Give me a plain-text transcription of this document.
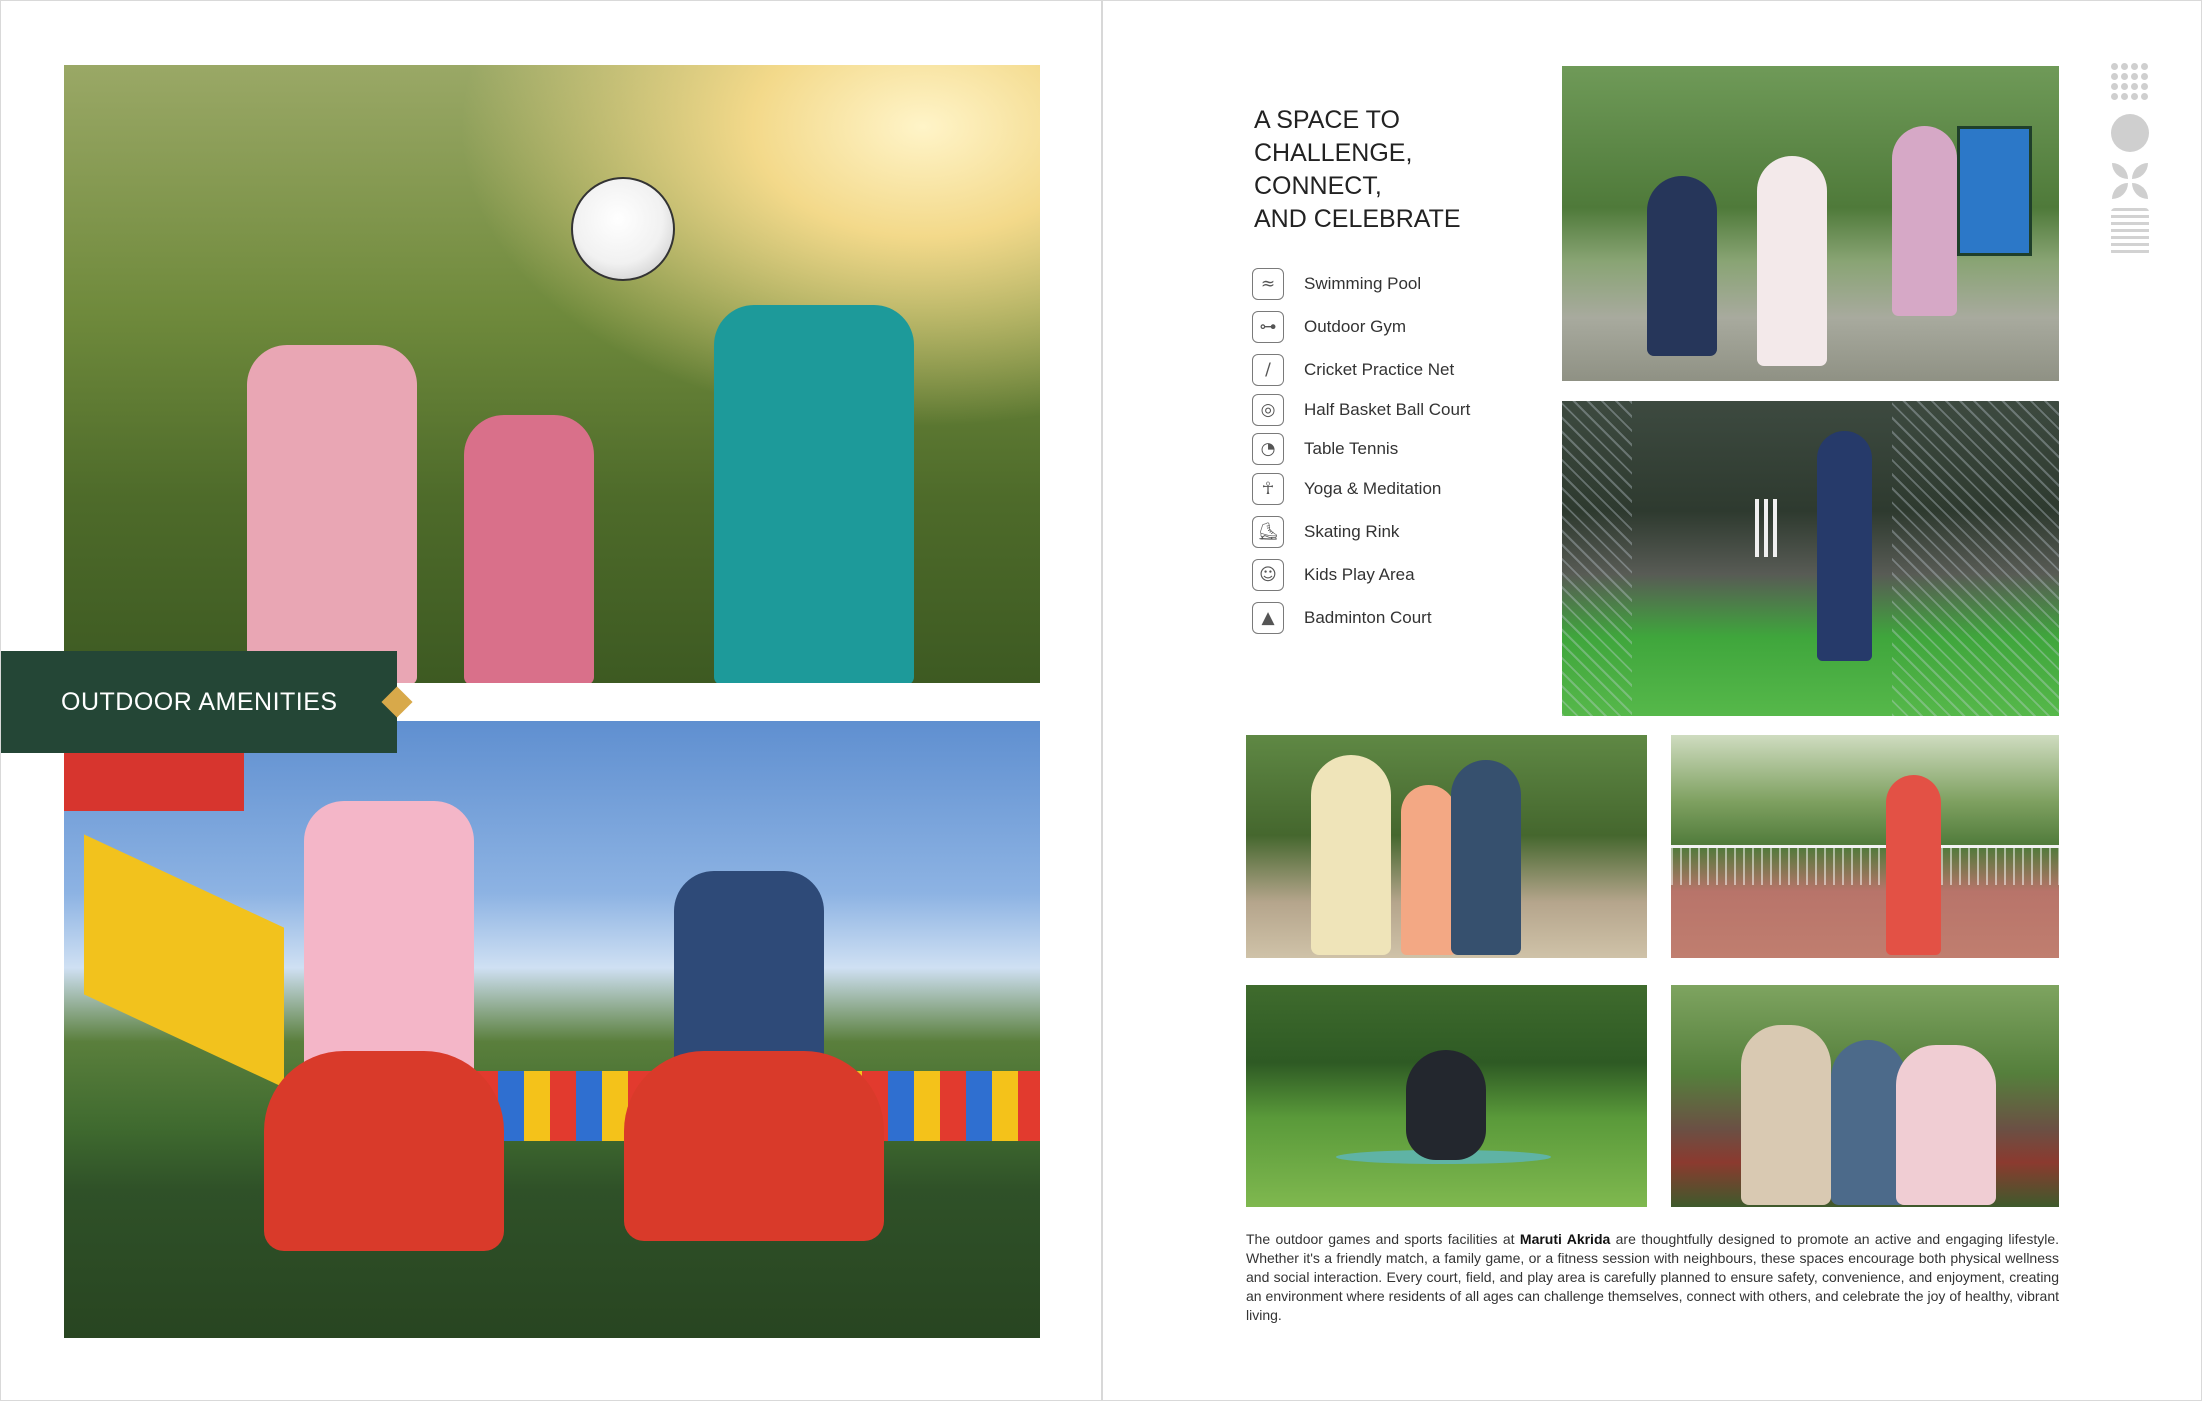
OUTDOOR AMENITIES
A SPACE TO
CHALLENGE,
CONNECT,
AND CELEBRATE
≈	Swimming Pool
⊶	Outdoor Gym
/	Cricket Practice Net
◎	Half Basket Ball Court
◔	Table Tennis
☥	Yoga & Meditation
⛸	Skating Rink
☺	Kids Play Area
▲	Badminton Court

The outdoor games and sports facilities at Maruti Akrida are thoughtfully designed to promote an active and engaging lifestyle. Whether it's a friendly match, a family game, or a fitness session with neighbours, these spaces encourage both physical wellness and social interaction. Every court, field, and play area is carefully planned to ensure safety, convenience, and enjoyment, creating an environment where residents of all ages can challenge themselves, connect with others, and celebrate the joy of healthy, vibrant living.
